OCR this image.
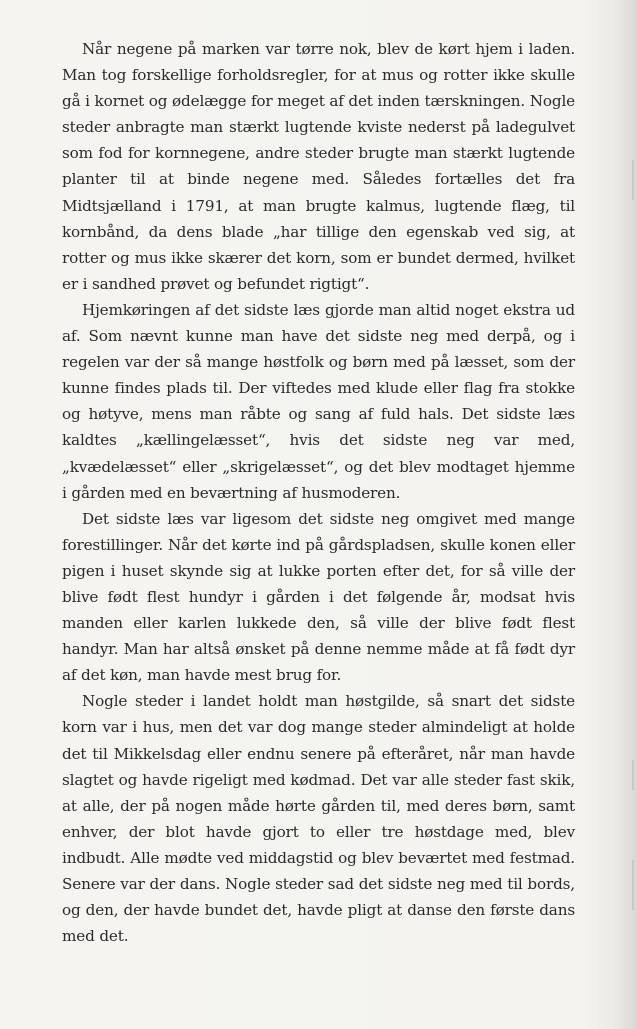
Når negene på marken var tørre nok, blev de kørt hjem i laden. Man tog forskellige forholdsregler, for at mus og rotter ikke skulle gå i kornet og ødelægge for meget af det inden tærskningen. Nogle steder anbragte man stærkt lugtende kviste nederst på ladegulvet som fod for kornnegene, andre steder brugte man stærkt lugtende planter til at binde negene med. Således fortælles det fra Midtsjælland i 1791, at man brugte kalmus, lugtende flæg, til kornbånd, da dens blade „har tillige den egenskab ved sig, at rotter og mus ikke skærer det korn, som er bundet dermed, hvilket er i sandhed prøvet og befundet rigtigt“.

Hjemkøringen af det sidste læs gjorde man altid noget ekstra ud af. Som nævnt kunne man have det sidste neg med derpå, og i regelen var der så mange høstfolk og børn med på læsset, som der kunne findes plads til. Der viftedes med klude eller flag fra stokke og høtyve, mens man råbte og sang af fuld hals. Det sidste læs kaldtes „kællingelæsset“, hvis det sidste neg var med, „kvædelæsset“ eller „skrigelæsset“, og det blev modtaget hjemme i gården med en beværtning af husmoderen.

Det sidste læs var ligesom det sidste neg omgivet med mange forestillinger. Når det kørte ind på gårdspladsen, skulle konen eller pigen i huset skynde sig at lukke porten efter det, for så ville der blive født flest hundyr i gården i det følgende år, modsat hvis manden eller karlen lukkede den, så ville der blive født flest handyr. Man har altså ønsket på denne nemme måde at få født dyr af det køn, man havde mest brug for.

Nogle steder i landet holdt man høstgilde, så snart det sidste korn var i hus, men det var dog mange steder almindeligt at holde det til Mikkelsdag eller endnu senere på efteråret, når man havde slagtet og havde rigeligt med kødmad. Det var alle steder fast skik, at alle, der på nogen måde hørte gården til, med deres børn, samt enhver, der blot havde gjort to eller tre høstdage med, blev indbudt. Alle mødte ved middagstid og blev beværtet med festmad. Senere var der dans. Nogle steder sad det sidste neg med til bords, og den, der havde bundet det, havde pligt at danse den første dans med det.
